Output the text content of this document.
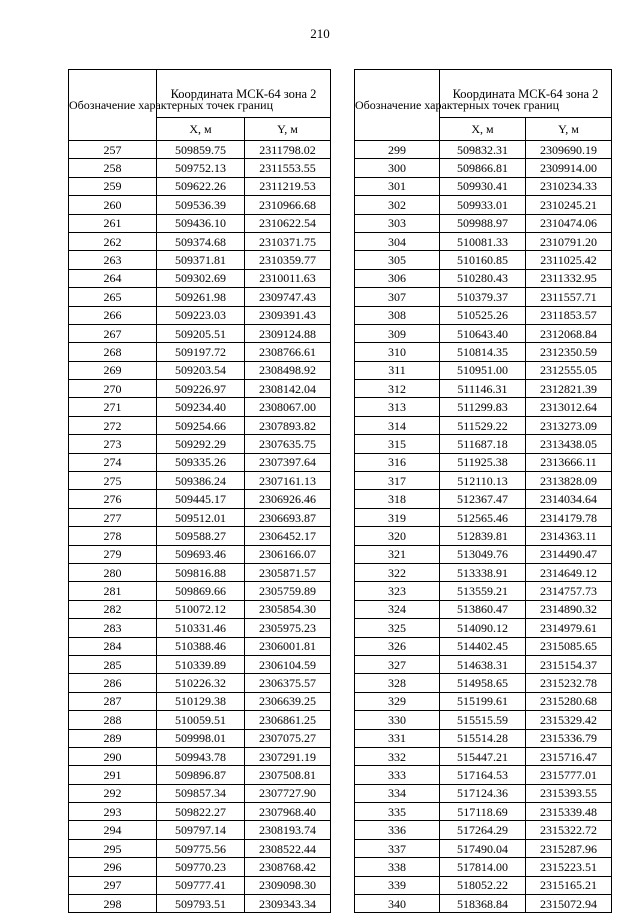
210
Обозначение характерных точек границ	Координата МСК-64 зона 2	
	X, м	Y, м
257	509859.75	2311798.02
258	509752.13	2311553.55
259	509622.26	2311219.53
260	509536.39	2310966.68
261	509436.10	2310622.54
262	509374.68	2310371.75
263	509371.81	2310359.77
264	509302.69	2310011.63
265	509261.98	2309747.43
266	509223.03	2309391.43
267	509205.51	2309124.88
268	509197.72	2308766.61
269	509203.54	2308498.92
270	509226.97	2308142.04
271	509234.40	2308067.00
272	509254.66	2307893.82
273	509292.29	2307635.75
274	509335.26	2307397.64
275	509386.24	2307161.13
276	509445.17	2306926.46
277	509512.01	2306693.87
278	509588.27	2306452.17
279	509693.46	2306166.07
280	509816.88	2305871.57
281	509869.66	2305759.89
282	510072.12	2305854.30
283	510331.46	2305975.23
284	510388.46	2306001.81
285	510339.89	2306104.59
286	510226.32	2306375.57
287	510129.38	2306639.25
288	510059.51	2306861.25
289	509998.01	2307075.27
290	509943.78	2307291.19
291	509896.87	2307508.81
292	509857.34	2307727.90
293	509822.27	2307968.40
294	509797.14	2308193.74
295	509775.56	2308522.44
296	509770.23	2308768.42
297	509777.41	2309098.30
298	509793.51	2309343.34
Обозначение характерных точек границ	Координата МСК-64 зона 2	
	X, м	Y, м
299	509832.31	2309690.19
300	509866.81	2309914.00
301	509930.41	2310234.33
302	509933.01	2310245.21
303	509988.97	2310474.06
304	510081.33	2310791.20
305	510160.85	2311025.42
306	510280.43	2311332.95
307	510379.37	2311557.71
308	510525.26	2311853.57
309	510643.40	2312068.84
310	510814.35	2312350.59
311	510951.00	2312555.05
312	511146.31	2312821.39
313	511299.83	2313012.64
314	511529.22	2313273.09
315	511687.18	2313438.05
316	511925.38	2313666.11
317	512110.13	2313828.09
318	512367.47	2314034.64
319	512565.46	2314179.78
320	512839.81	2314363.11
321	513049.76	2314490.47
322	513338.91	2314649.12
323	513559.21	2314757.73
324	513860.47	2314890.32
325	514090.12	2314979.61
326	514402.45	2315085.65
327	514638.31	2315154.37
328	514958.65	2315232.78
329	515199.61	2315280.68
330	515515.59	2315329.42
331	515514.28	2315336.79
332	515447.21	2315716.47
333	517164.53	2315777.01
334	517124.36	2315393.55
335	517118.69	2315339.48
336	517264.29	2315322.72
337	517490.04	2315287.96
338	517814.00	2315223.51
339	518052.22	2315165.21
340	518368.84	2315072.94
